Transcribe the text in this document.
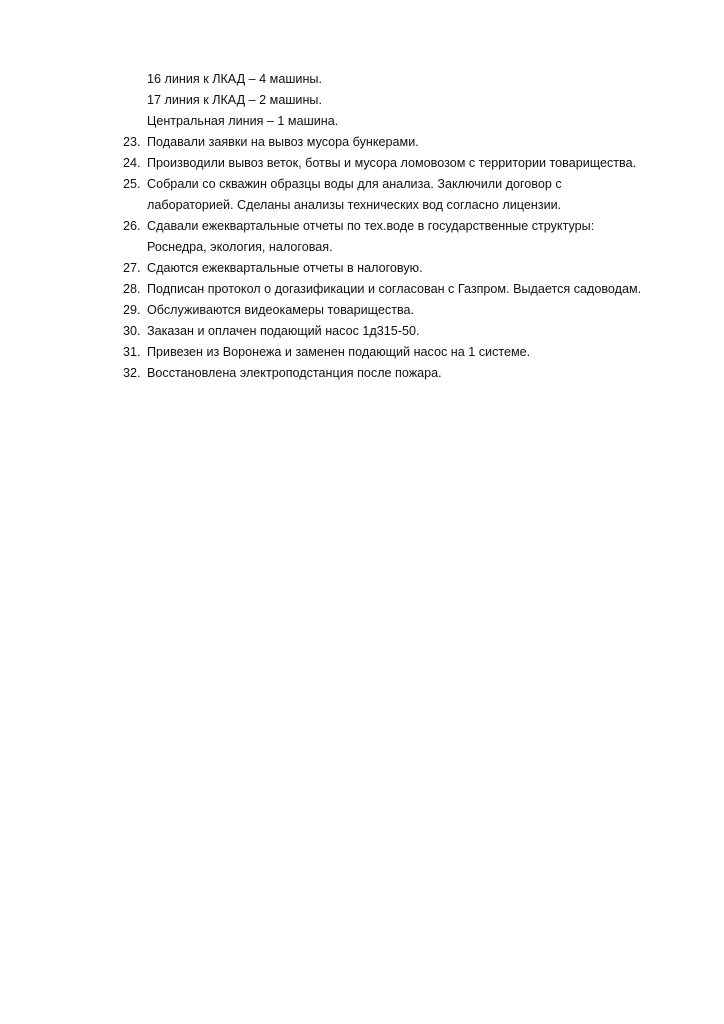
16 линия к ЛКАД – 4 машины.
17 линия к ЛКАД – 2 машины.
Центральная линия – 1 машина.
23. Подавали заявки на вывоз мусора бункерами.
24. Производили вывоз веток, ботвы и мусора ломовозом с территории товарищества.
25. Собрали со скважин образцы воды для анализа. Заключили договор с
лабораторией. Сделаны анализы технических вод согласно лицензии.
26. Сдавали ежеквартальные отчеты по тех.воде в государственные структуры:
Роснедра, экология, налоговая.
27. Сдаются ежеквартальные отчеты в налоговую.
28. Подписан протокол о догазификации и согласован с Газпром. Выдается садоводам.
29. Обслуживаются видеокамеры товарищества.
30. Заказан и оплачен подающий насос 1д315-50.
31. Привезен из Воронежа и заменен подающий насос на 1 системе.
32. Восстановлена электроподстанция после пожара.
